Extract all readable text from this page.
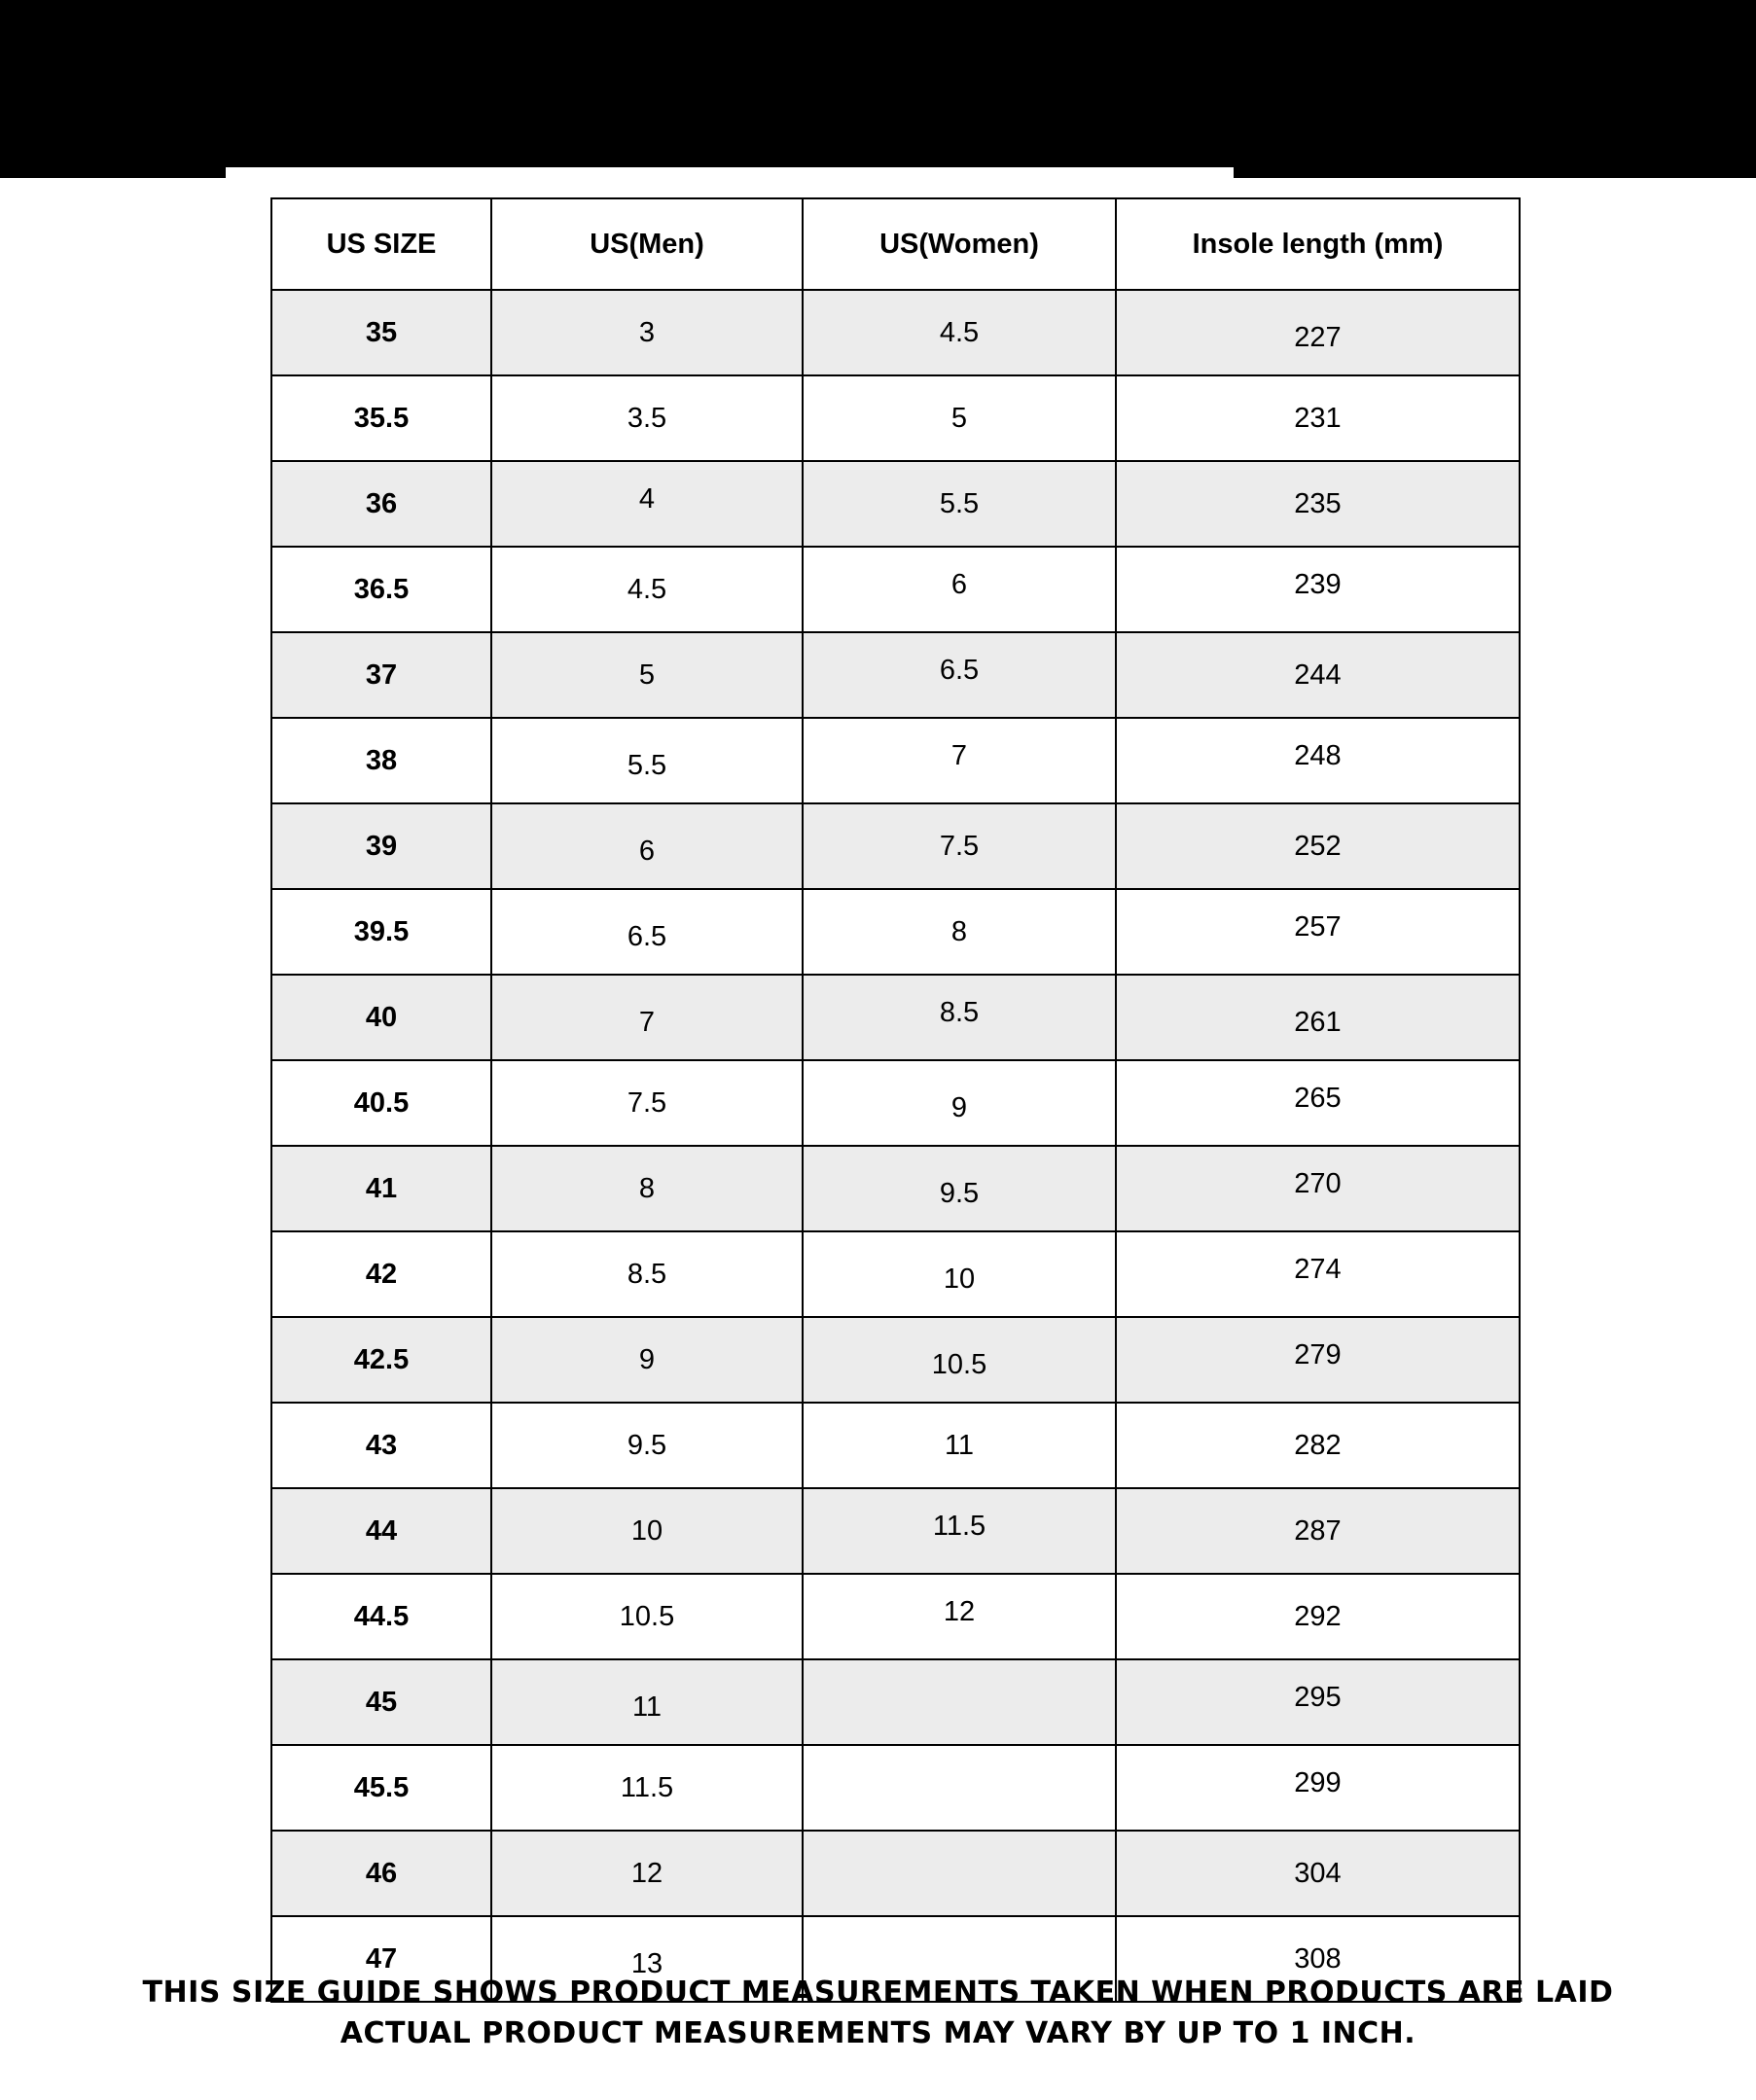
US SIZE	US(Men)	US(Women)	Insole length (mm)

35	3	4.5	227

35.5	3.5	5	231

36	4	5.5	235

36.5	4.5	6	239

37	5	6.5	244

38	5.5	7	248

39	6	7.5	252

39.5	6.5	8	257

40	7	8.5	261

40.5	7.5	9	265

41	8	9.5	270

42	8.5	10	274

42.5	9	10.5	279

43	9.5	11	282

44	10	11.5	287

44.5	10.5	12	292

45	11		295

45.5	11.5		299

46	12		304

47	13		308
THIS SIZE GUIDE SHOWS PRODUCT MEASUREMENTS TAKEN WHEN PRODUCTS ARE LAID
ACTUAL PRODUCT MEASUREMENTS MAY VARY BY UP TO 1 INCH.
